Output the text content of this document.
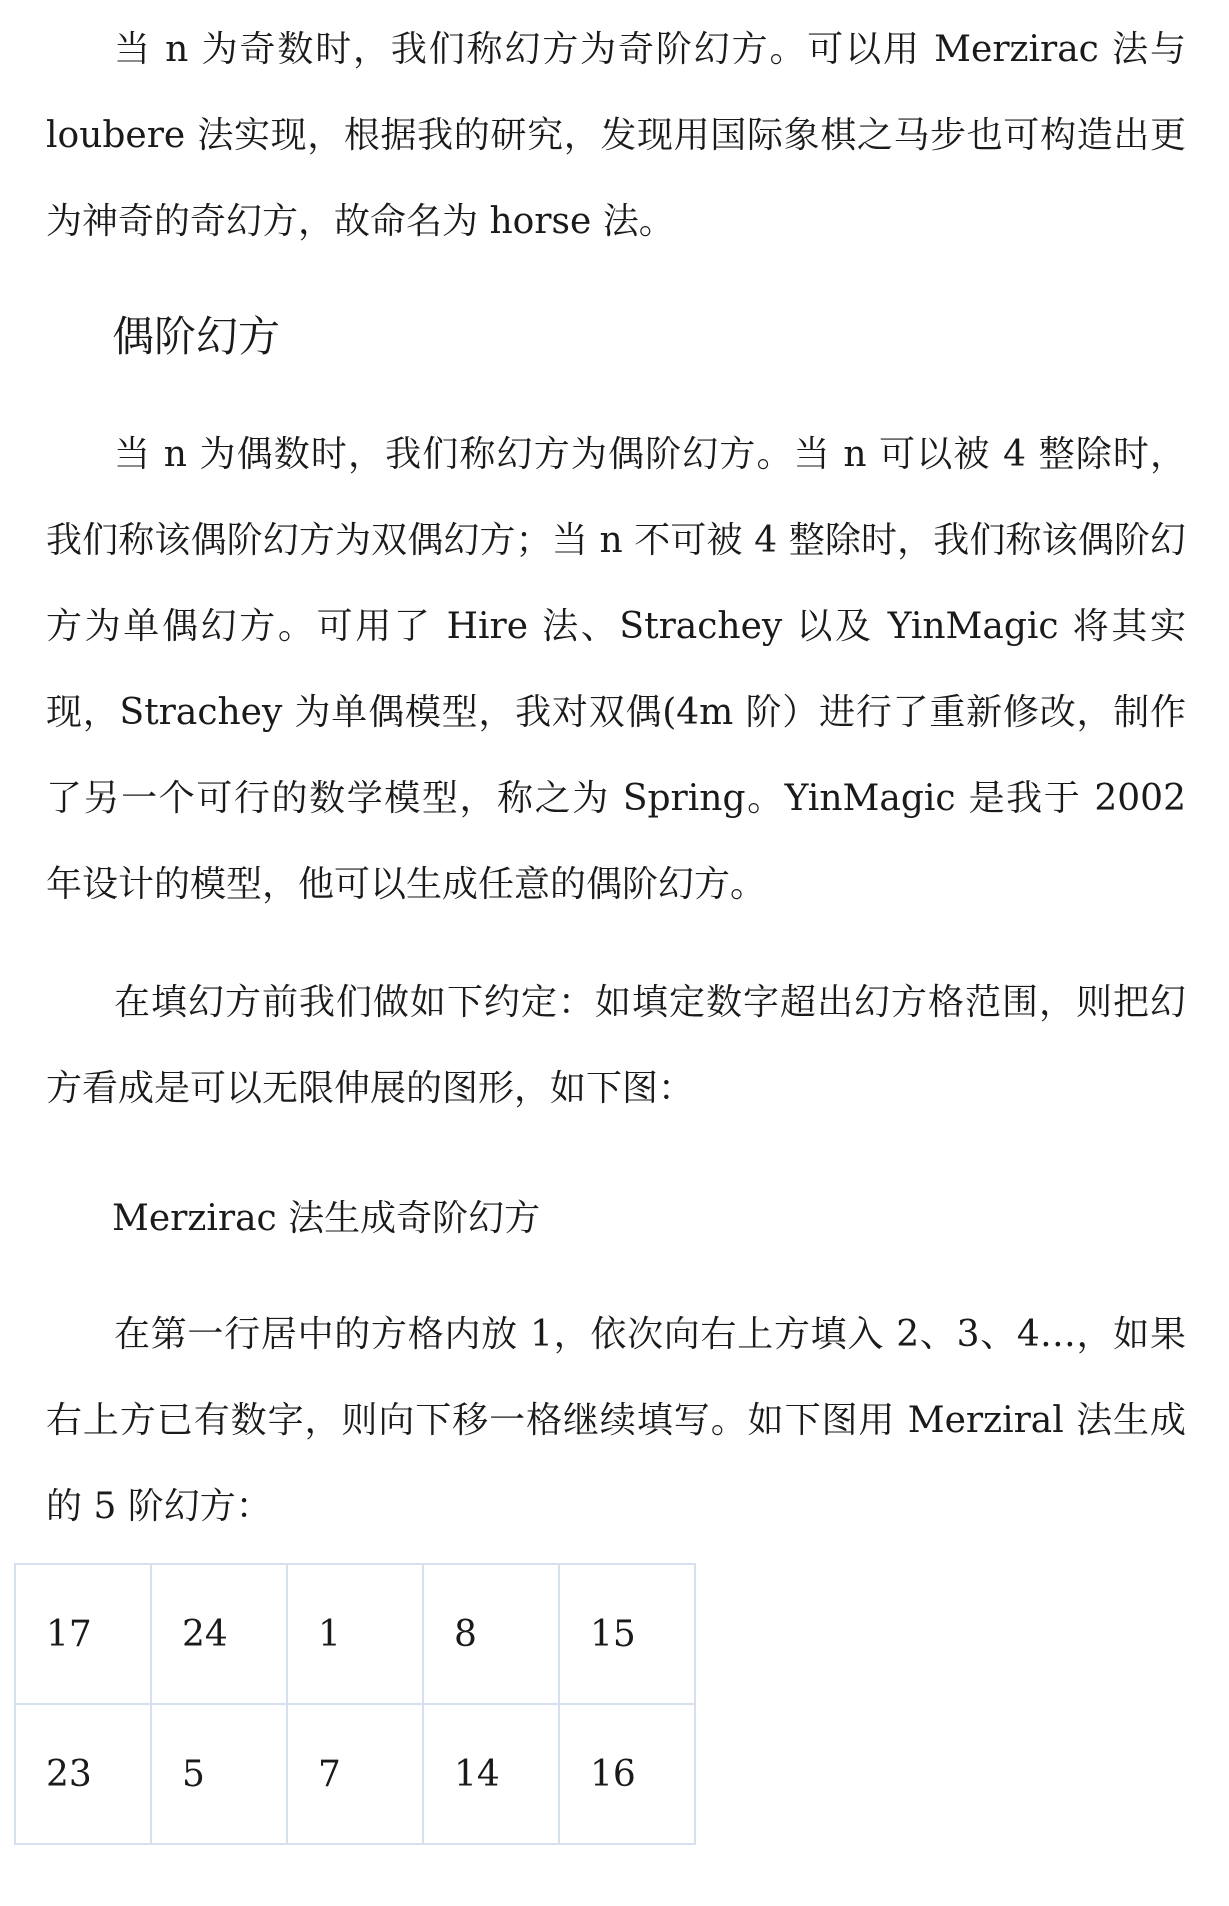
当 n 为奇数时，我们称幻方为奇阶幻方。可以用 Merzirac 法与 loubere 法实现，根据我的研究，发现用国际象棋之马步也可构造出更为神奇的奇幻方，故命名为 horse 法。

偶阶幻方

当 n 为偶数时，我们称幻方为偶阶幻方。当 n 可以被 4 整除时，我们称该偶阶幻方为双偶幻方；当 n 不可被 4 整除时，我们称该偶阶幻方为单偶幻方。可用了 Hire 法、Strachey 以及 YinMagic 将其实现，Strachey 为单偶模型，我对双偶(4m 阶）进行了重新修改，制作了另一个可行的数学模型，称之为 Spring。YinMagic 是我于 2002 年设计的模型，他可以生成任意的偶阶幻方。

在填幻方前我们做如下约定：如填定数字超出幻方格范围，则把幻方看成是可以无限伸展的图形，如下图：

Merzirac 法生成奇阶幻方

在第一行居中的方格内放 1，依次向右上方填入 2、3、4…，如果右上方已有数字，则向下移一格继续填写。如下图用 Merziral 法生成的 5 阶幻方：

17	24	1	8	15
23	5	7	14	16
